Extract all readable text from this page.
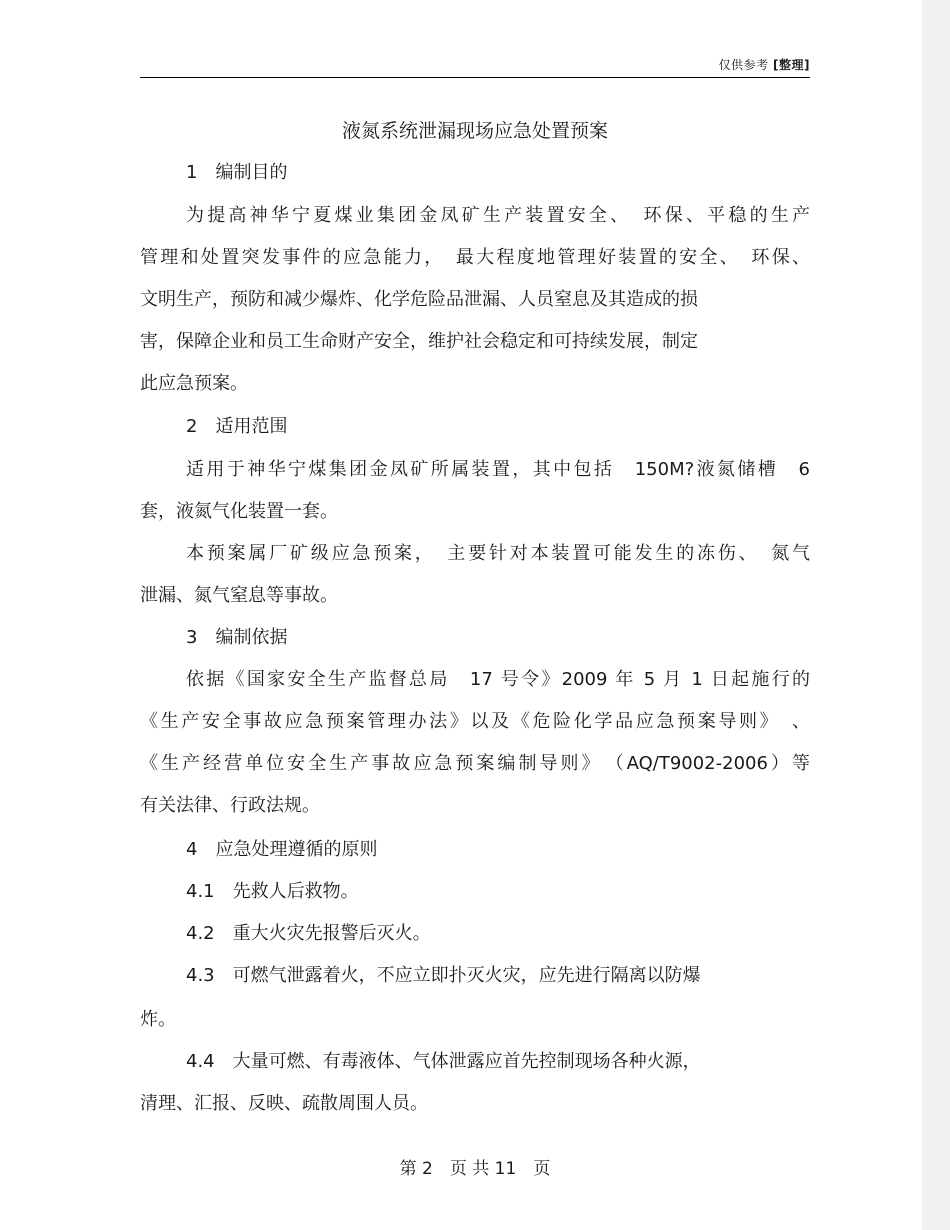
仅供参考 [整理]
液氮系统泄漏现场应急处置预案
1　编制目的
为提高神华宁夏煤业集团金凤矿生产装置安全、　环保、平稳的生产
管理和处置突发事件的应急能力，　最大程度地管理好装置的安全、　环保、
文明生产，预防和减少爆炸、化学危险品泄漏、人员窒息及其造成的损
害，保障企业和员工生命财产安全，维护社会稳定和可持续发展，制定
此应急预案。
2　适用范围
适用于神华宁煤集团金凤矿所属装置，其中包括　150M?液氮储槽　6
套，液氮气化装置一套。
本预案属厂矿级应急预案，　主要针对本装置可能发生的冻伤、　氮气
泄漏、氮气窒息等事故。
3　编制依据
依据《国家安全生产监督总局　17 号令》2009 年 5 月 1 日起施行的
《生产安全事故应急预案管理办法》以及《危险化学品应急预案导则》　、
《生产经营单位安全生产事故应急预案编制导则》　（AQ/T9002-2006）等
有关法律、行政法规。
4　应急处理遵循的原则
4.1　先救人后救物。
4.2　重大火灾先报警后灭火。
4.3　可燃气泄露着火，不应立即扑灭火灾，应先进行隔离以防爆
炸。
4.4　大量可燃、有毒液体、气体泄露应首先控制现场各种火源，
清理、汇报、反映、疏散周围人员。
第 2　页 共 11　页
